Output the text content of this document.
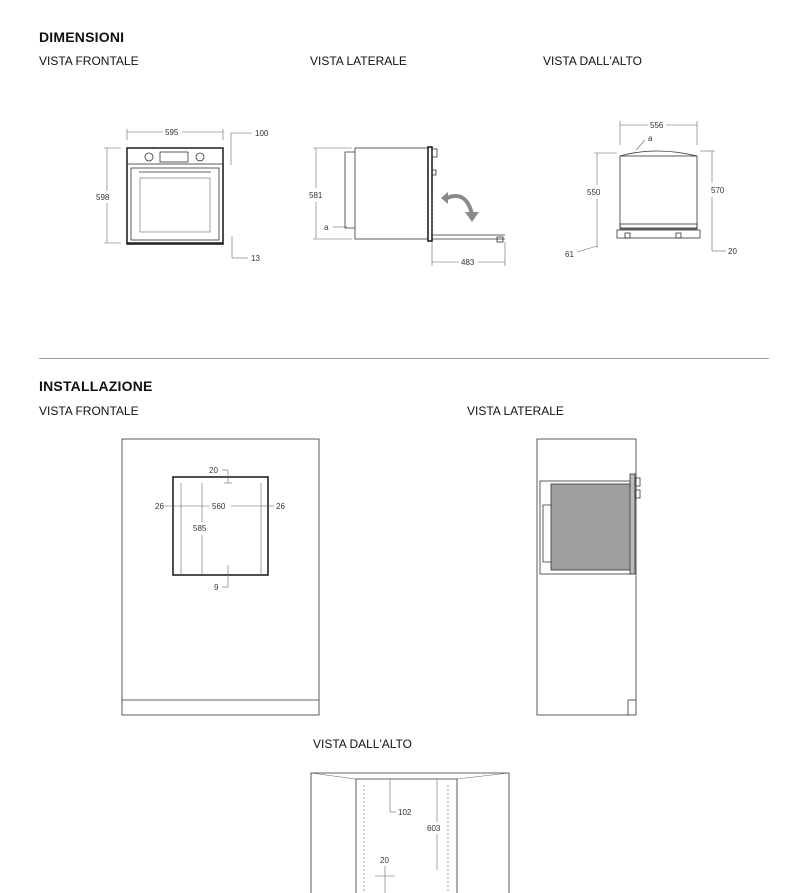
DIMENSIONI
VISTA FRONTALE	VISTA LATERALE	VISTA DALL'ALTO
INSTALLAZIONE
VISTA FRONTALE	VISTA LATERALE
VISTA DALL'ALTO
595	100
598
13
581
a
483
556
a
550	570
61	20
20
26	560	26
585
9
102
603
20
